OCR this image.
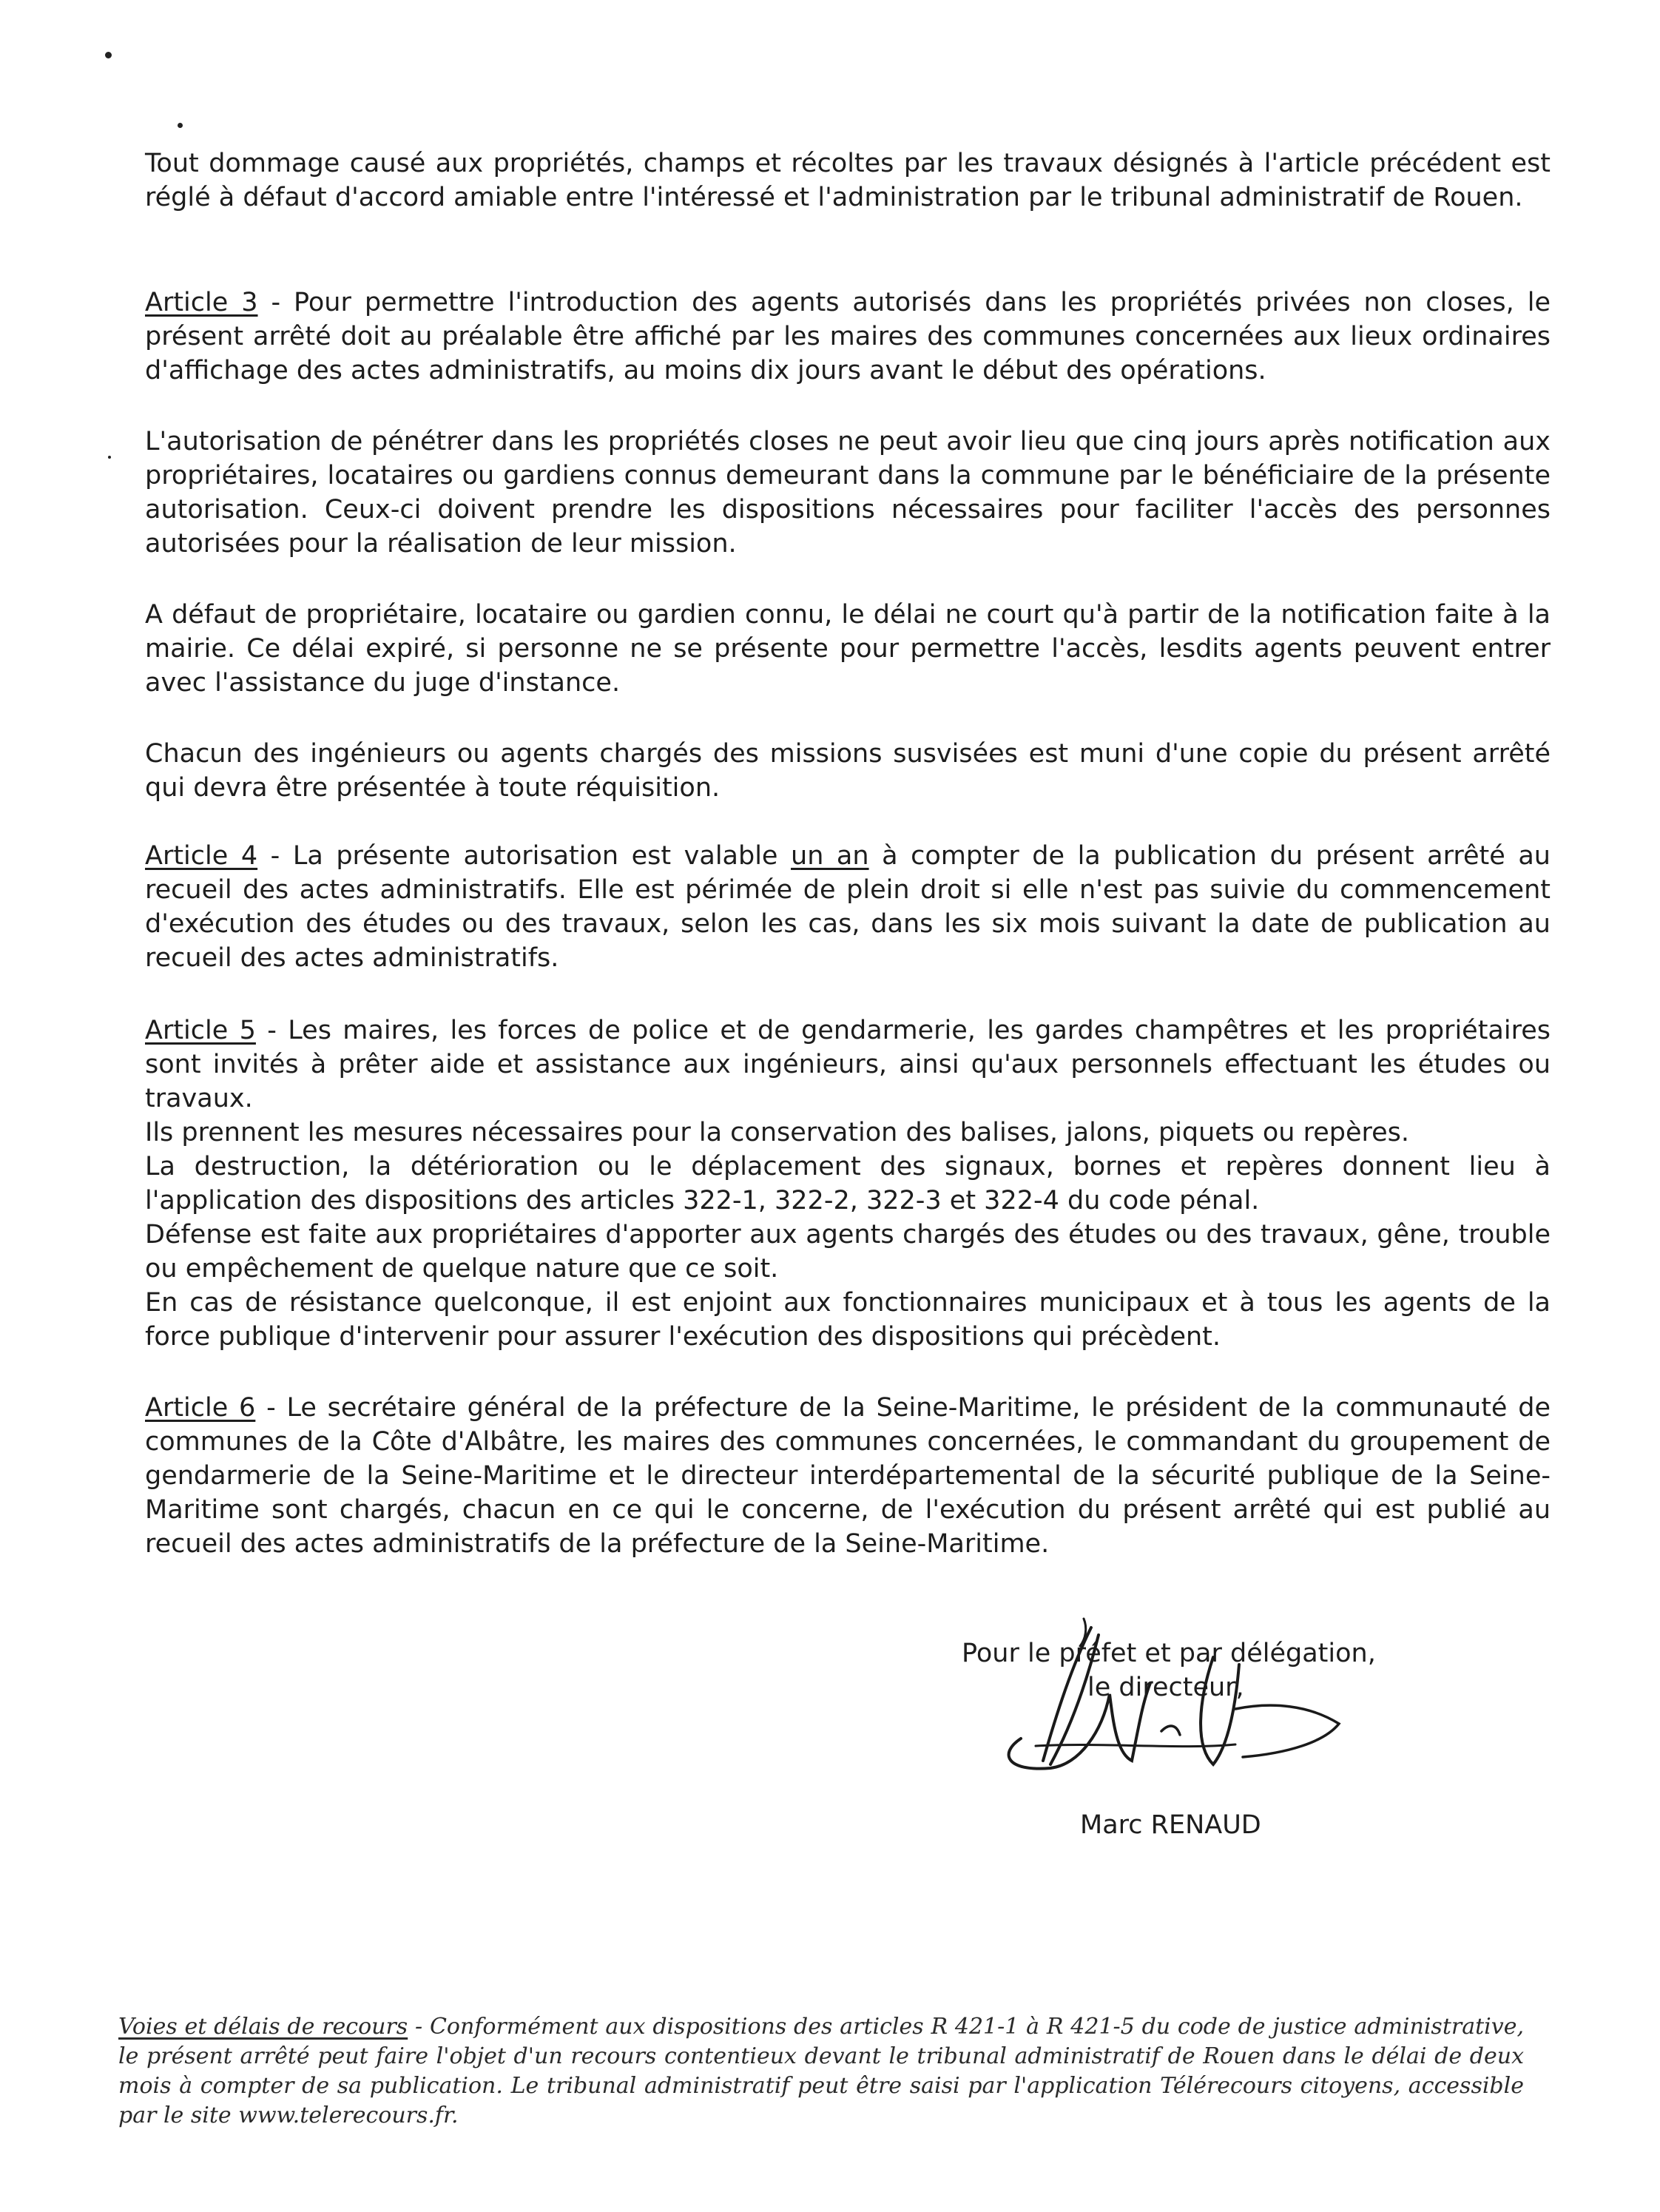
Tout dommage causé aux propriétés, champs et récoltes par les travaux désignés à l'article précédent est réglé à défaut d'accord amiable entre l'intéressé et l'administration par le tribunal administratif de Rouen.

Article 3 - Pour permettre l'introduction des agents autorisés dans les propriétés privées non closes, le présent arrêté doit au préalable être affiché par les maires des communes concernées aux lieux ordinaires d'affichage des actes administratifs, au moins dix jours avant le début des opérations.

L'autorisation de pénétrer dans les propriétés closes ne peut avoir lieu que cinq jours après notification aux propriétaires, locataires ou gardiens connus demeurant dans la commune par le bénéficiaire de la présente autorisation. Ceux-ci doivent prendre les dispositions nécessaires pour faciliter l'accès des personnes autorisées pour la réalisation de leur mission.

A défaut de propriétaire, locataire ou gardien connu, le délai ne court qu'à partir de la notification faite à la mairie. Ce délai expiré, si personne ne se présente pour permettre l'accès, lesdits agents peuvent entrer avec l'assistance du juge d'instance.

Chacun des ingénieurs ou agents chargés des missions susvisées est muni d'une copie du présent arrêté qui devra être présentée à toute réquisition.

Article 4 - La présente autorisation est valable un an à compter de la publication du présent arrêté au recueil des actes administratifs. Elle est périmée de plein droit si elle n'est pas suivie du commencement d'exécution des études ou des travaux, selon les cas, dans les six mois suivant la date de publication au recueil des actes administratifs.

Article 5 - Les maires, les forces de police et de gendarmerie, les gardes champêtres et les propriétaires sont invités à prêter aide et assistance aux ingénieurs, ainsi qu'aux personnels effectuant les études ou travaux.
Ils prennent les mesures nécessaires pour la conservation des balises, jalons, piquets ou repères.
La destruction, la détérioration ou le déplacement des signaux, bornes et repères donnent lieu à l'application des dispositions des articles 322-1, 322-2, 322-3 et 322-4 du code pénal.
Défense est faite aux propriétaires d'apporter aux agents chargés des études ou des travaux, gêne, trouble ou empêchement de quelque nature que ce soit.
En cas de résistance quelconque, il est enjoint aux fonctionnaires municipaux et à tous les agents de la force publique d'intervenir pour assurer l'exécution des dispositions qui précèdent.

Article 6 - Le secrétaire général de la préfecture de la Seine-Maritime, le président de la communauté de communes de la Côte d'Albâtre, les maires des communes concernées, le commandant du groupement de gendarmerie de la Seine-Maritime et le directeur interdépartemental de la sécurité publique de la Seine-Maritime sont chargés, chacun en ce qui le concerne, de l'exécution du présent arrêté qui est publié au recueil des actes administratifs de la préfecture de la Seine-Maritime.

Pour le préfet et par délégation,
le directeur,
Marc RENAUD

Voies et délais de recours - Conformément aux dispositions des articles R 421-1 à R 421-5 du code de justice administrative, le présent arrêté peut faire l'objet d'un recours contentieux devant le tribunal administratif de Rouen dans le délai de deux mois à compter de sa publication. Le tribunal administratif peut être saisi par l'application Télérecours citoyens, accessible par le site www.telerecours.fr.
